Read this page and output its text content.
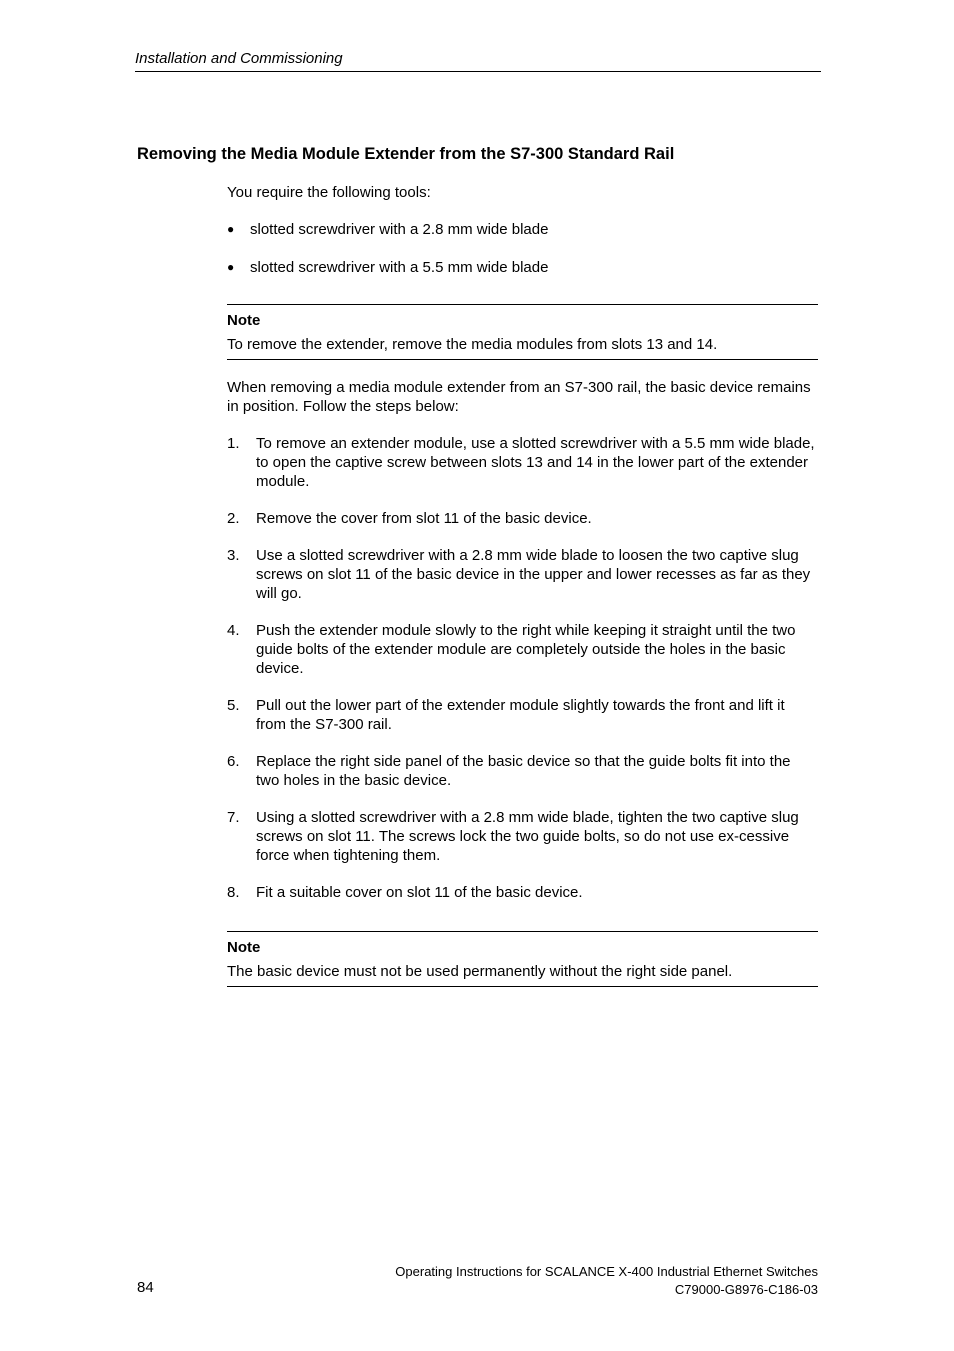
Installation and Commissioning
Removing the Media Module Extender from the S7-300 Standard Rail

You require the following tools:

● slotted screwdriver with a 2.8 mm wide blade
● slotted screwdriver with a 5.5 mm wide blade
Note
To remove the extender, remove the media modules from slots 13 and 14.

When removing a media module extender from an S7-300 rail, the basic device remains in position. Follow the steps below:

1. To remove an extender module, use a slotted screwdriver with a 5.5 mm wide blade, to open the captive screw between slots 13 and 14 in the lower part of the extender module.
2. Remove the cover from slot 11 of the basic device.
3. Use a slotted screwdriver with a 2.8 mm wide blade to loosen the two captive slug screws on slot 11 of the basic device in the upper and lower recesses as far as they will go.
4. Push the extender module slowly to the right while keeping it straight until the two guide bolts of the extender module are completely outside the holes in the basic device.
5. Pull out the lower part of the extender module slightly towards the front and lift it from the S7-300 rail.
6. Replace the right side panel of the basic device so that the guide bolts fit into the two holes in the basic device.
7. Using a slotted screwdriver with a 2.8 mm wide blade, tighten the two captive slug screws on slot 11. The screws lock the two guide bolts, so do not use ex-cessive force when tightening them.
8. Fit a suitable cover on slot 11 of the basic device.
Note
The basic device must not be used permanently without the right side panel.
84
Operating Instructions for SCALANCE X-400 Industrial Ethernet Switches
C79000-G8976-C186-03
